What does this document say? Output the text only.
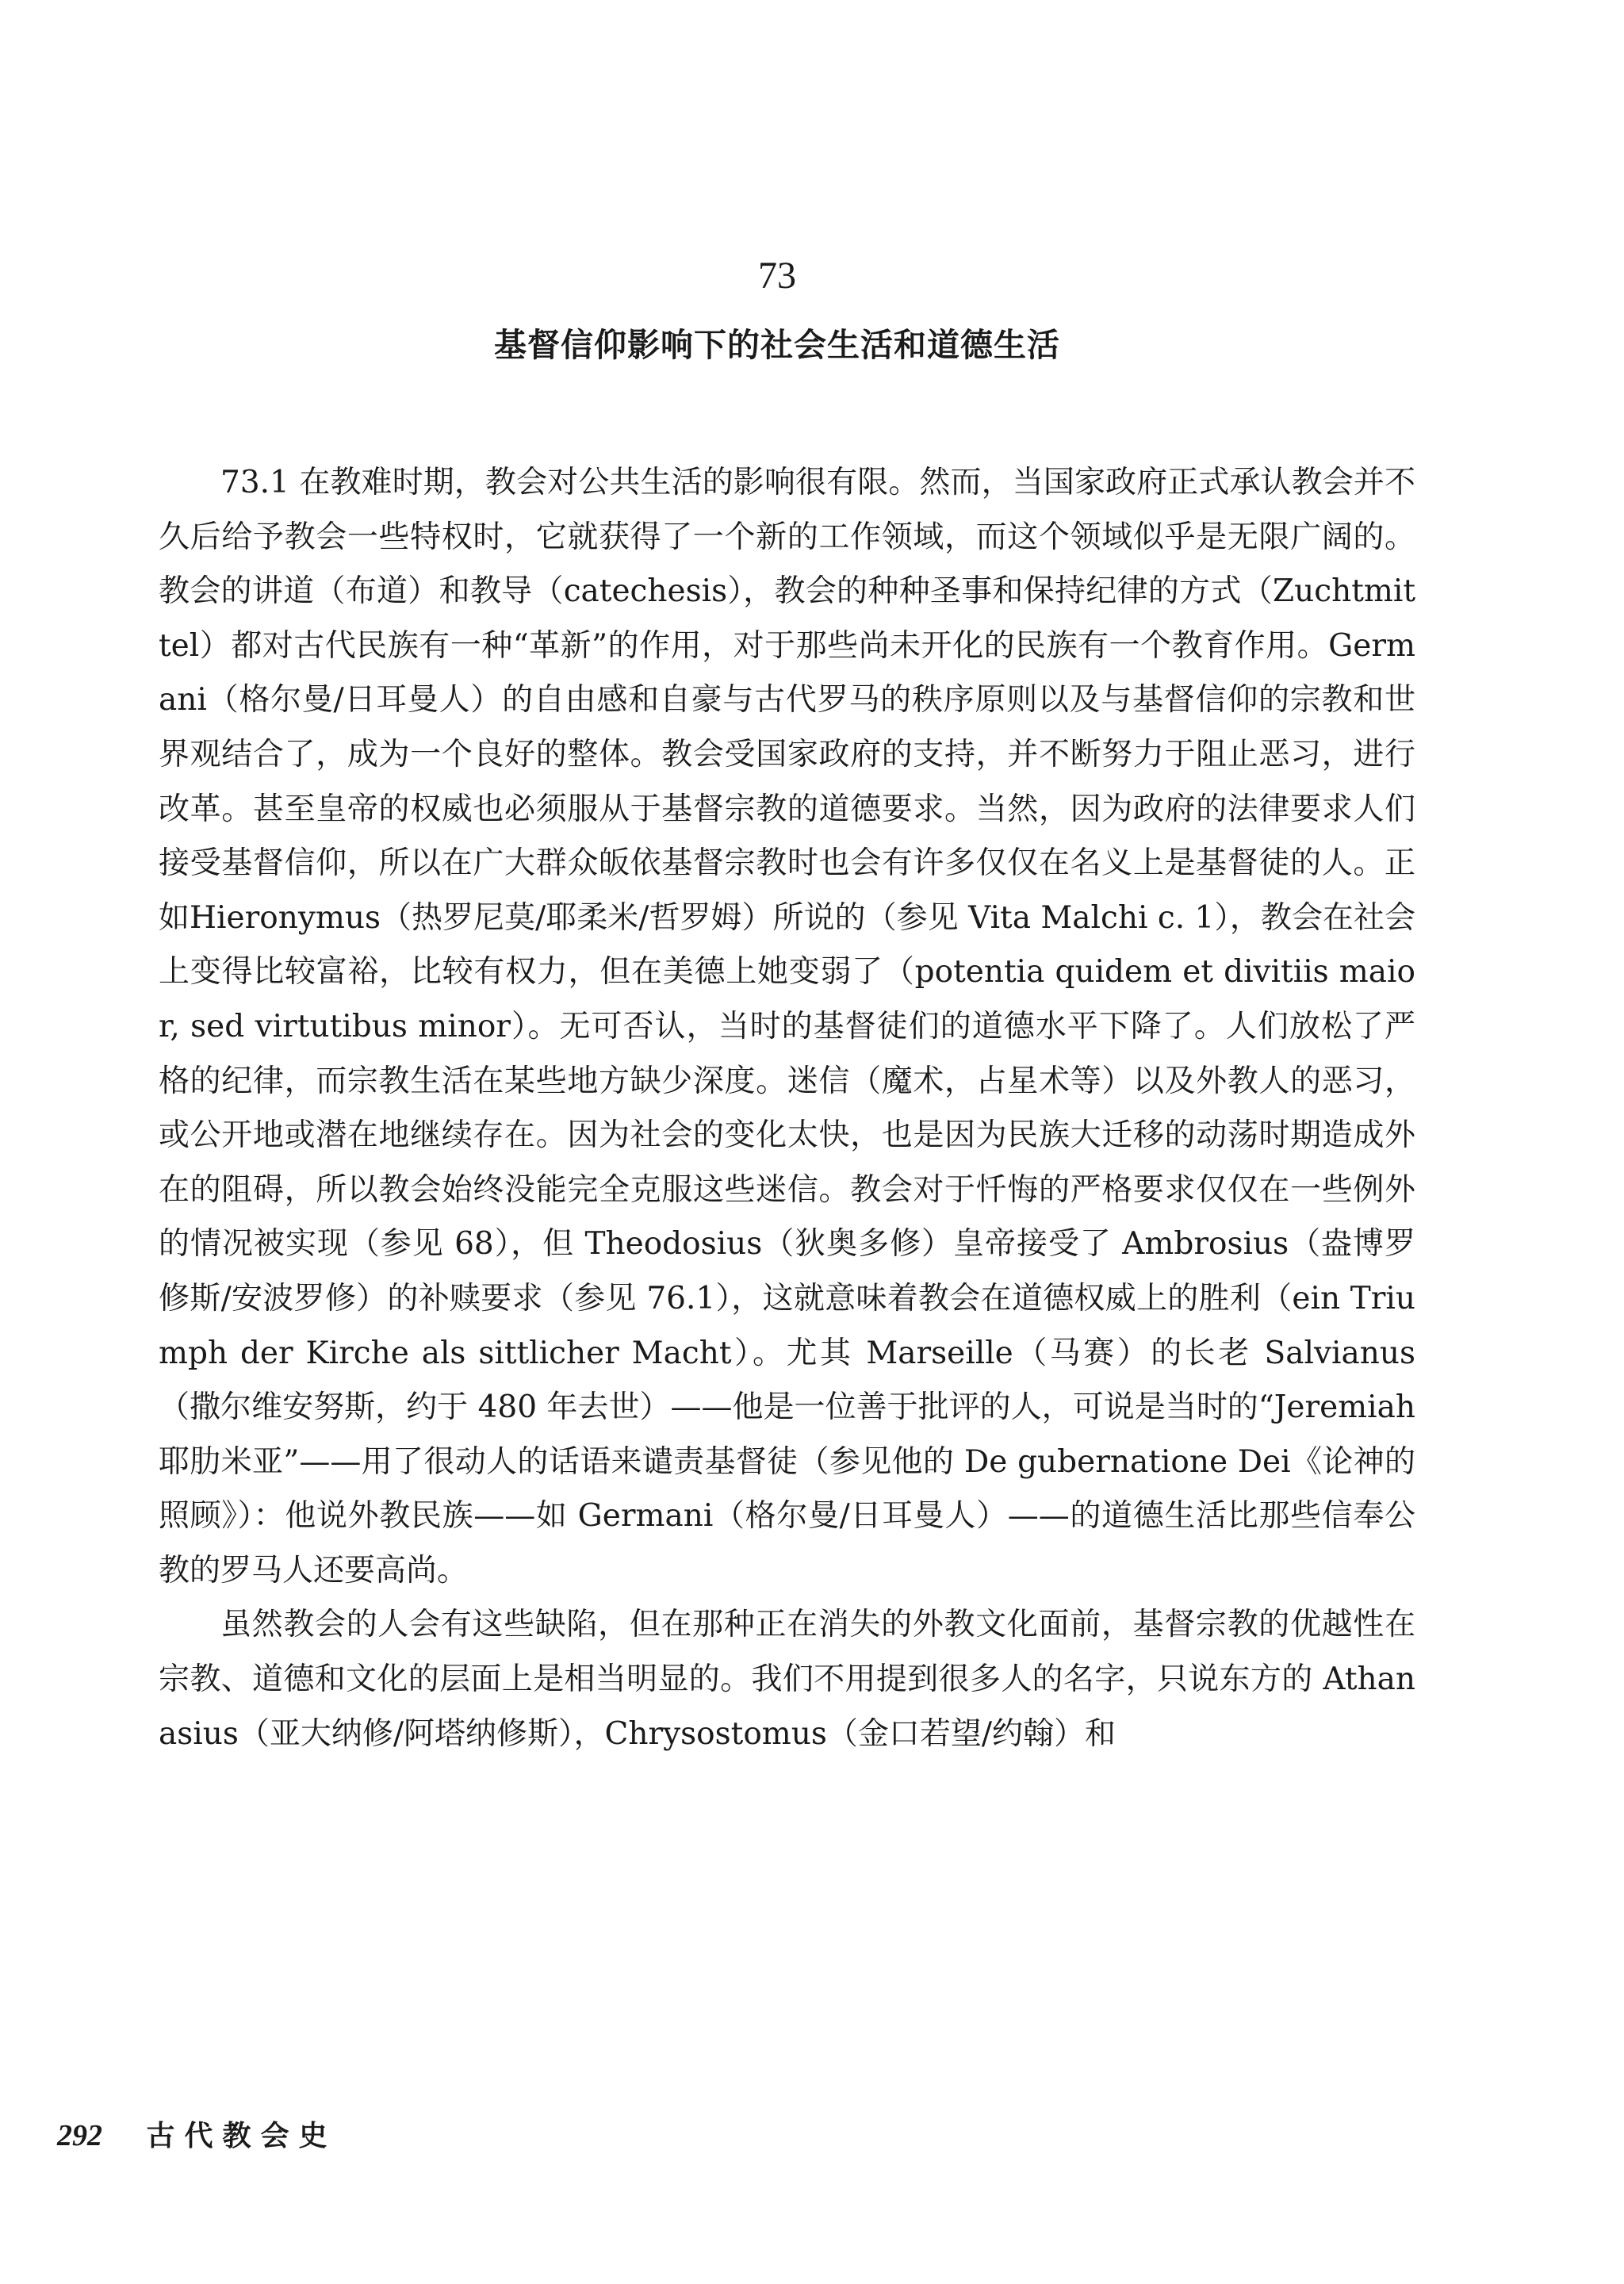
73
基督信仰影响下的社会生活和道德生活

73.1 在教难时期，教会对公共生活的影响很有限。然而，当国家政府正式承认教会并不久后给予教会一些特权时，它就获得了一个新的工作领域，而这个领域似乎是无限广阔的。教会的讲道（布道）和教导（catechesis），教会的种种圣事和保持纪律的方式（Zuchtmittel）都对古代民族有一种“革新”的作用，对于那些尚未开化的民族有一个教育作用。Germani（格尔曼/日耳曼人）的自由感和自豪与古代罗马的秩序原则以及与基督信仰的宗教和世界观结合了，成为一个良好的整体。教会受国家政府的支持，并不断努力于阻止恶习，进行改革。甚至皇帝的权威也必须服从于基督宗教的道德要求。当然，因为政府的法律要求人们接受基督信仰，所以在广大群众皈依基督宗教时也会有许多仅仅在名义上是基督徒的人。正如Hieronymus（热罗尼莫/耶柔米/哲罗姆）所说的（参见 Vita Malchi c. 1），教会在社会上变得比较富裕，比较有权力，但在美德上她变弱了（potentia quidem et divitiis maior, sed virtutibus minor）。无可否认，当时的基督徒们的道德水平下降了。人们放松了严格的纪律，而宗教生活在某些地方缺少深度。迷信（魔术，占星术等）以及外教人的恶习，或公开地或潜在地继续存在。因为社会的变化太快，也是因为民族大迁移的动荡时期造成外在的阻碍，所以教会始终没能完全克服这些迷信。教会对于忏悔的严格要求仅仅在一些例外的情况被实现（参见 68），但 Theodosius（狄奥多修）皇帝接受了 Ambrosius（盎博罗修斯/安波罗修）的补赎要求（参见 76.1），这就意味着教会在道德权威上的胜利（ein Triumph der Kirche als sittlicher Macht）。尤其 Marseille（马赛）的长老 Salvianus（撒尔维安努斯，约于 480 年去世）——他是一位善于批评的人，可说是当时的“Jeremiah 耶肋米亚”——用了很动人的话语来谴责基督徒（参见他的 De gubernatione Dei《论神的照顾》）：他说外教民族——如 Germani（格尔曼/日耳曼人）——的道德生活比那些信奉公教的罗马人还要高尚。

虽然教会的人会有这些缺陷，但在那种正在消失的外教文化面前，基督宗教的优越性在宗教、道德和文化的层面上是相当明显的。我们不用提到很多人的名字，只说东方的 Athanasius（亚大纳修/阿塔纳修斯），Chrysostomus（金口若望/约翰）和

292 古代教会史
